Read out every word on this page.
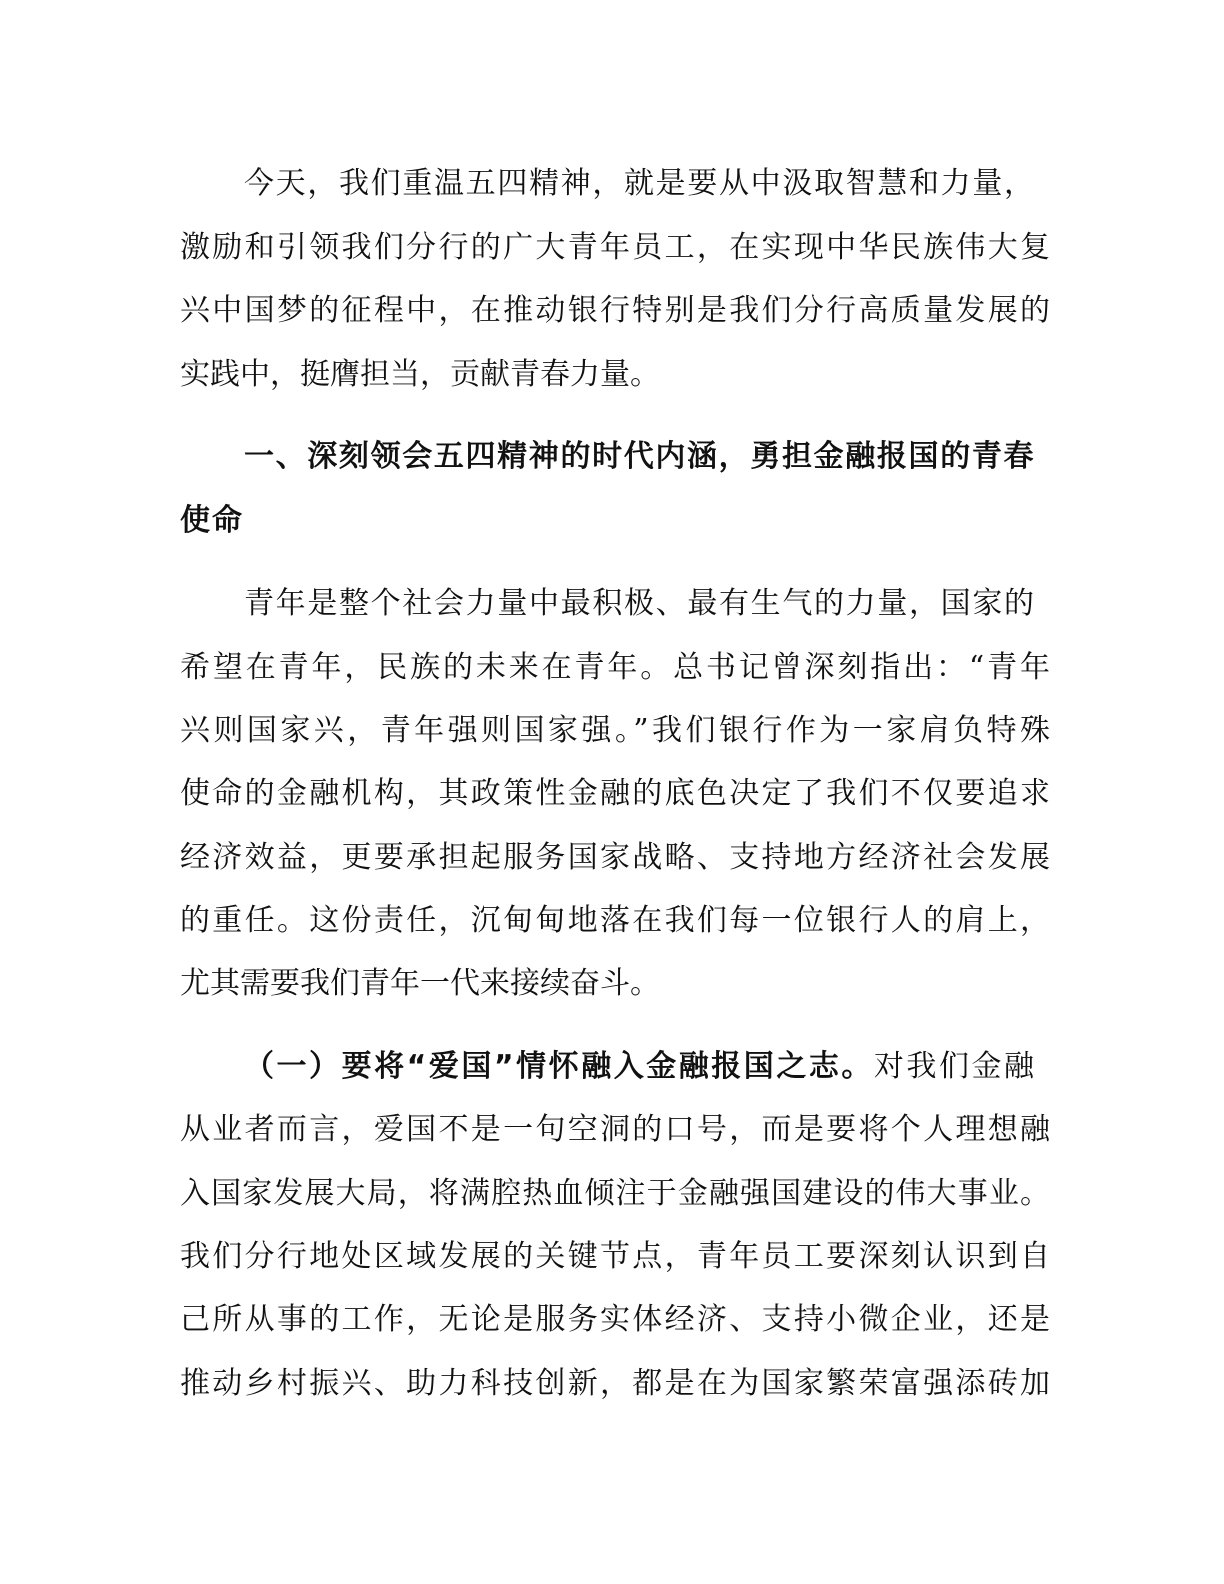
今天，我们重温五四精神，就是要从中汲取智慧和力量，

激励和引领我们分行的广大青年员工，在实现中华民族伟大复

兴中国梦的征程中，在推动银行特别是我们分行高质量发展的

实践中，挺膺担当，贡献青春力量。

一、深刻领会五四精神的时代内涵，勇担金融报国的青春

使命

青年是整个社会力量中最积极、最有生气的力量，国家的

希望在青年，民族的未来在青年。总书记曾深刻指出：“青年

兴则国家兴，青年强则国家强。”我们银行作为一家肩负特殊

使命的金融机构，其政策性金融的底色决定了我们不仅要追求

经济效益，更要承担起服务国家战略、支持地方经济社会发展

的重任。这份责任，沉甸甸地落在我们每一位银行人的肩上，

尤其需要我们青年一代来接续奋斗。

（一）要将“爱国”情怀融入金融报国之志。对我们金融

从业者而言，爱国不是一句空洞的口号，而是要将个人理想融

入国家发展大局，将满腔热血倾注于金融强国建设的伟大事业。

我们分行地处区域发展的关键节点，青年员工要深刻认识到自

己所从事的工作，无论是服务实体经济、支持小微企业，还是

推动乡村振兴、助力科技创新，都是在为国家繁荣富强添砖加
